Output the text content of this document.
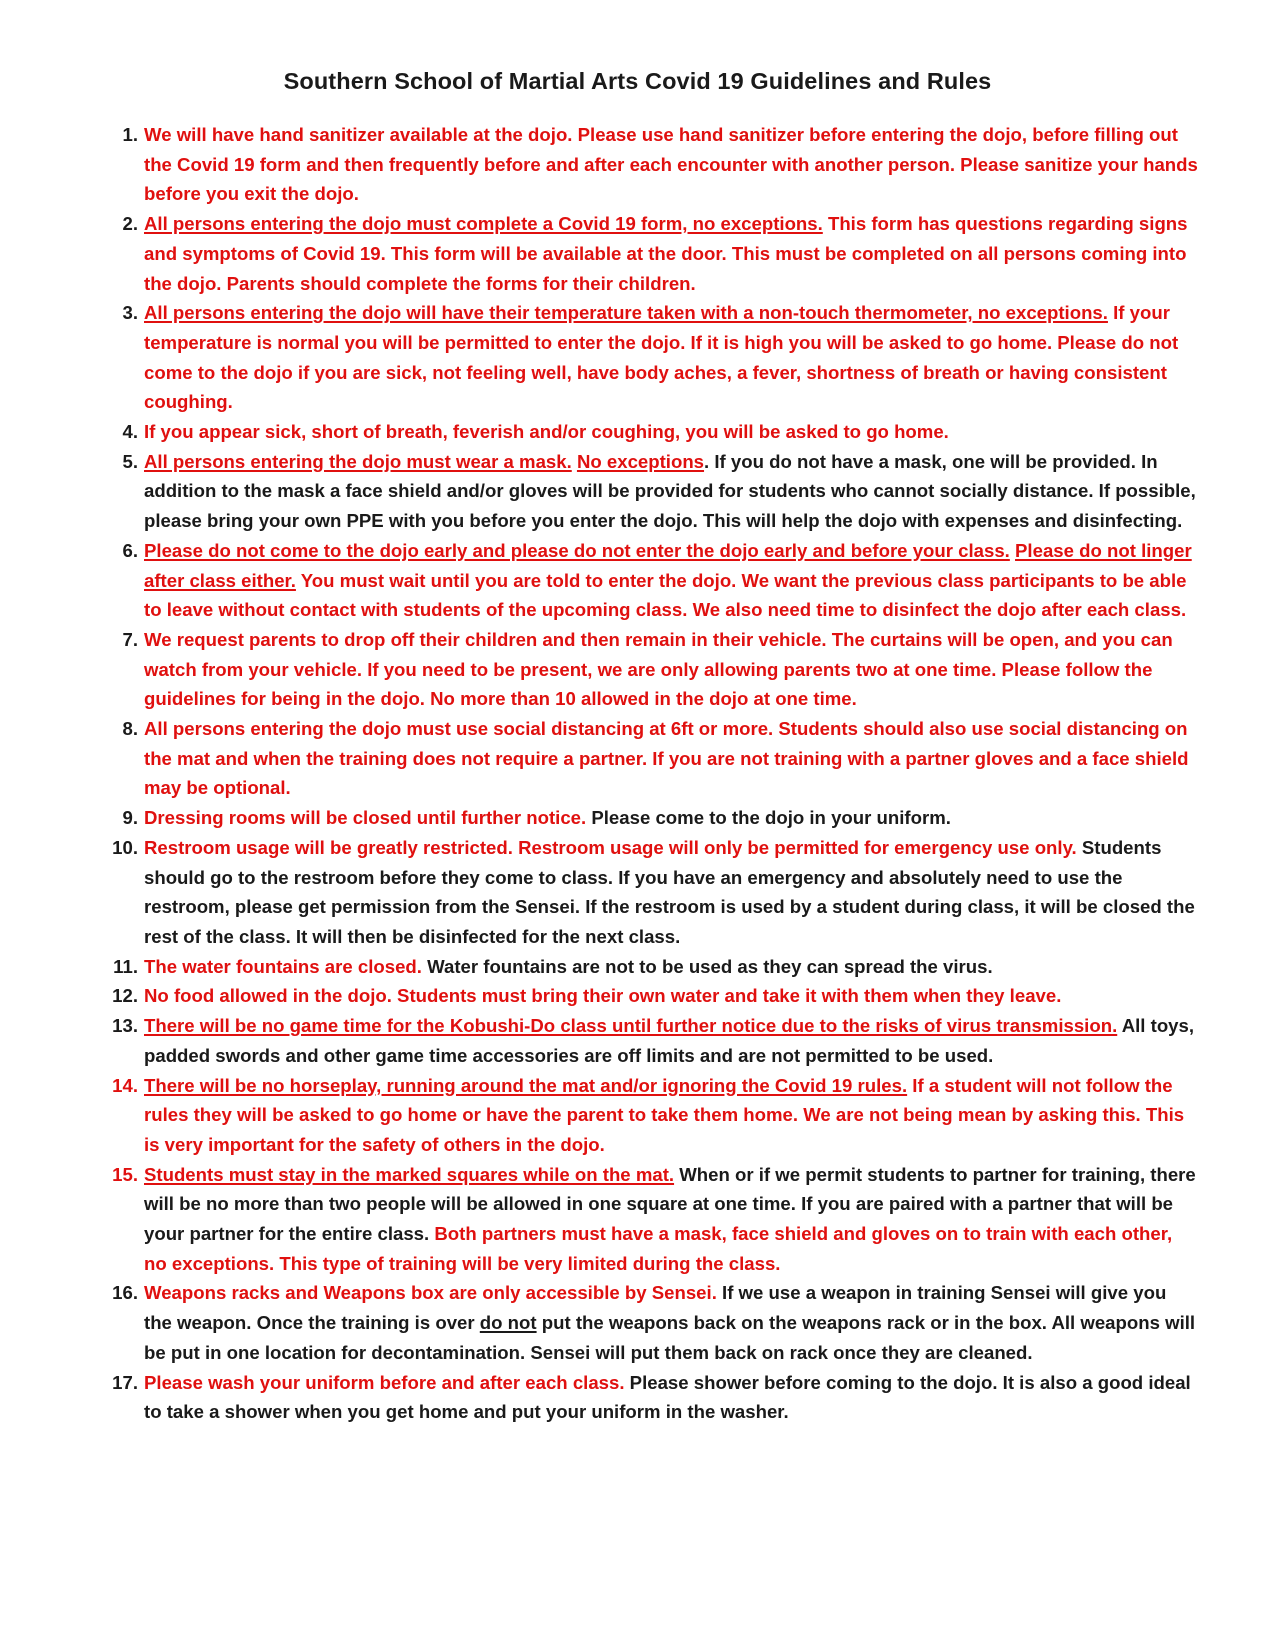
Southern School of Martial Arts Covid 19 Guidelines and Rules
1. We will have hand sanitizer available at the dojo. Please use hand sanitizer before entering the dojo, before filling out the Covid 19 form and then frequently before and after each encounter with another person. Please sanitize your hands before you exit the dojo.
2. All persons entering the dojo must complete a Covid 19 form, no exceptions. This form has questions regarding signs and symptoms of Covid 19. This form will be available at the door. This must be completed on all persons coming into the dojo. Parents should complete the forms for their children.
3. All persons entering the dojo will have their temperature taken with a non-touch thermometer, no exceptions. If your temperature is normal you will be permitted to enter the dojo. If it is high you will be asked to go home. Please do not come to the dojo if you are sick, not feeling well, have body aches, a fever, shortness of breath or having consistent coughing.
4. If you appear sick, short of breath, feverish and/or coughing, you will be asked to go home.
5. All persons entering the dojo must wear a mask. No exceptions. If you do not have a mask, one will be provided. In addition to the mask a face shield and/or gloves will be provided for students who cannot socially distance. If possible, please bring your own PPE with you before you enter the dojo. This will help the dojo with expenses and disinfecting.
6. Please do not come to the dojo early and please do not enter the dojo early and before your class. Please do not linger after class either. You must wait until you are told to enter the dojo. We want the previous class participants to be able to leave without contact with students of the upcoming class. We also need time to disinfect the dojo after each class.
7. We request parents to drop off their children and then remain in their vehicle. The curtains will be open, and you can watch from your vehicle. If you need to be present, we are only allowing parents two at one time. Please follow the guidelines for being in the dojo. No more than 10 allowed in the dojo at one time.
8. All persons entering the dojo must use social distancing at 6ft or more. Students should also use social distancing on the mat and when the training does not require a partner. If you are not training with a partner gloves and a face shield may be optional.
9. Dressing rooms will be closed until further notice. Please come to the dojo in your uniform.
10. Restroom usage will be greatly restricted. Restroom usage will only be permitted for emergency use only. Students should go to the restroom before they come to class. If you have an emergency and absolutely need to use the restroom, please get permission from the Sensei. If the restroom is used by a student during class, it will be closed the rest of the class. It will then be disinfected for the next class.
11. The water fountains are closed. Water fountains are not to be used as they can spread the virus.
12. No food allowed in the dojo. Students must bring their own water and take it with them when they leave.
13. There will be no game time for the Kobushi-Do class until further notice due to the risks of virus transmission. All toys, padded swords and other game time accessories are off limits and are not permitted to be used.
14. There will be no horseplay, running around the mat and/or ignoring the Covid 19 rules. If a student will not follow the rules they will be asked to go home or have the parent to take them home. We are not being mean by asking this. This is very important for the safety of others in the dojo.
15. Students must stay in the marked squares while on the mat. When or if we permit students to partner for training, there will be no more than two people will be allowed in one square at one time. If you are paired with a partner that will be your partner for the entire class. Both partners must have a mask, face shield and gloves on to train with each other, no exceptions. This type of training will be very limited during the class.
16. Weapons racks and Weapons box are only accessible by Sensei. If we use a weapon in training Sensei will give you the weapon. Once the training is over do not put the weapons back on the weapons rack or in the box. All weapons will be put in one location for decontamination. Sensei will put them back on rack once they are cleaned.
17. Please wash your uniform before and after each class. Please shower before coming to the dojo. It is also a good ideal to take a shower when you get home and put your uniform in the washer.
